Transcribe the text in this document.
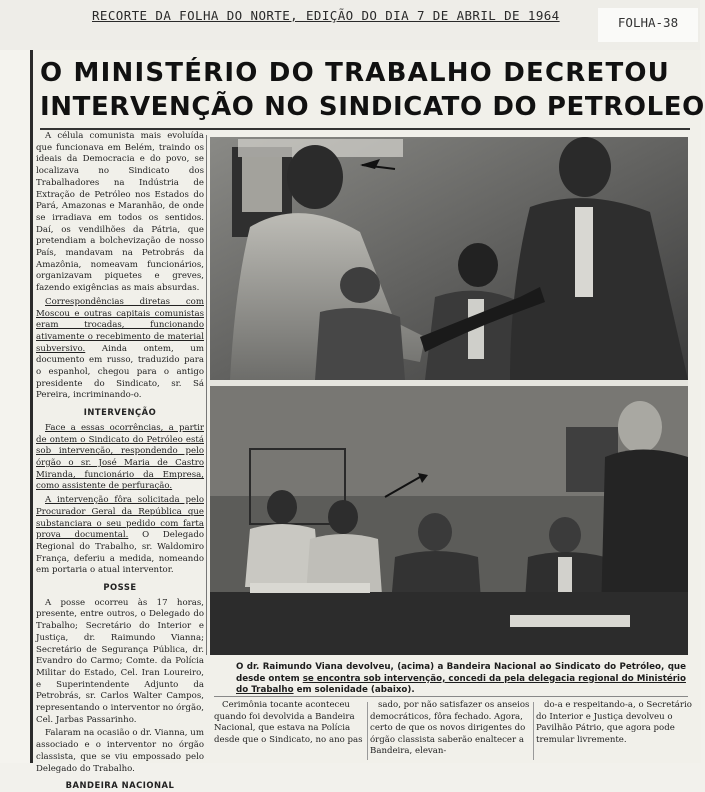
RECORTE DA FOLHA DO NORTE, EDIÇÃO DO DIA 7 DE ABRIL DE 1964	FOLHA-38
O MINISTÉRIO DO TRABALHO DECRETOU
INTERVENÇÃO NO SINDICATO DO PETROLEO

A célula comunista mais evoluída que funcionava em Belém, traindo os ideais da Democracia e do povo, se localizava no Sindicato dos Trabalhadores na Indústria de Extração de Petróleo nos Estados do Pará, Amazonas e Maranhão, de onde se irradiava em todos os sentidos. Daí, os vendilhões da Pátria, que pretendiam a bolchevização de nosso País, mandavam na Petrobrás da Amazônia, nomeavam funcionários, organizavam piquetes e greves, fazendo exigências as mais absurdas.

Correspondências diretas com Moscou e outras capitais comunistas eram trocadas, funcionando ativamente o recebimento de material subversivo. Ainda ontem, um documento em russo, traduzido para o espanhol, chegou para o antigo presidente do Sindicato, sr. Sá Pereira, incriminando-o.

INTERVENÇÃO

Face a essas ocorrências, a partir de ontem o Sindicato do Petróleo está sob intervenção, respondendo pelo órgão o sr. José Maria de Castro Miranda, funcionário da Empresa, como assistente de perfuração.

A intervenção fôra solicitada pelo Procurador Geral da República que substanciara o seu pedido com farta prova documental. O Delegado Regional do Trabalho, sr. Waldomiro França, deferiu a medida, nomeando em portaria o atual interventor.

POSSE

A posse ocorreu às 17 horas, presente, entre outros, o Delegado do Trabalho; Secretário do Interior e Justiça, dr. Raimundo Vianna; Secretário de Segurança Pública, dr. Evandro do Carmo; Comte. da Polícia Militar do Estado, Cel. Iran Loureiro, e Superintendente Adjunto da Petrobrás, sr. Carlos Walter Campos, representando o interventor no órgão, Cel. Jarbas Passarinho.

Falaram na ocasião o dr. Vianna, um associado e o interventor no órgão classista, que se viu empossado pelo Delegado do Trabalho.

BANDEIRA NACIONAL
O dr. Raimundo Viana devolveu, (acima) a Bandeira Nacional ao Sindicato do Petróleo, que desde ontem se encontra sob intervenção, concedi da pela delegacia regional do Ministério do Trabalho em solenidade (abaixo).

Cerimônia tocante aconteceu quando foi devolvida a Bandeira Nacional, que estava na Polícia desde que o Sindicato, no ano pas

sado, por não satisfazer os anseios democráticos, fôra fechado. Agora, certo de que os novos dirigentes do órgão classista saberão enaltecer a Bandeira, elevan-

do-a e respeitando-a, o Secretário do Interior e Justiça devolveu o Pavilhão Pátrio, que agora pode tremular livremente.
